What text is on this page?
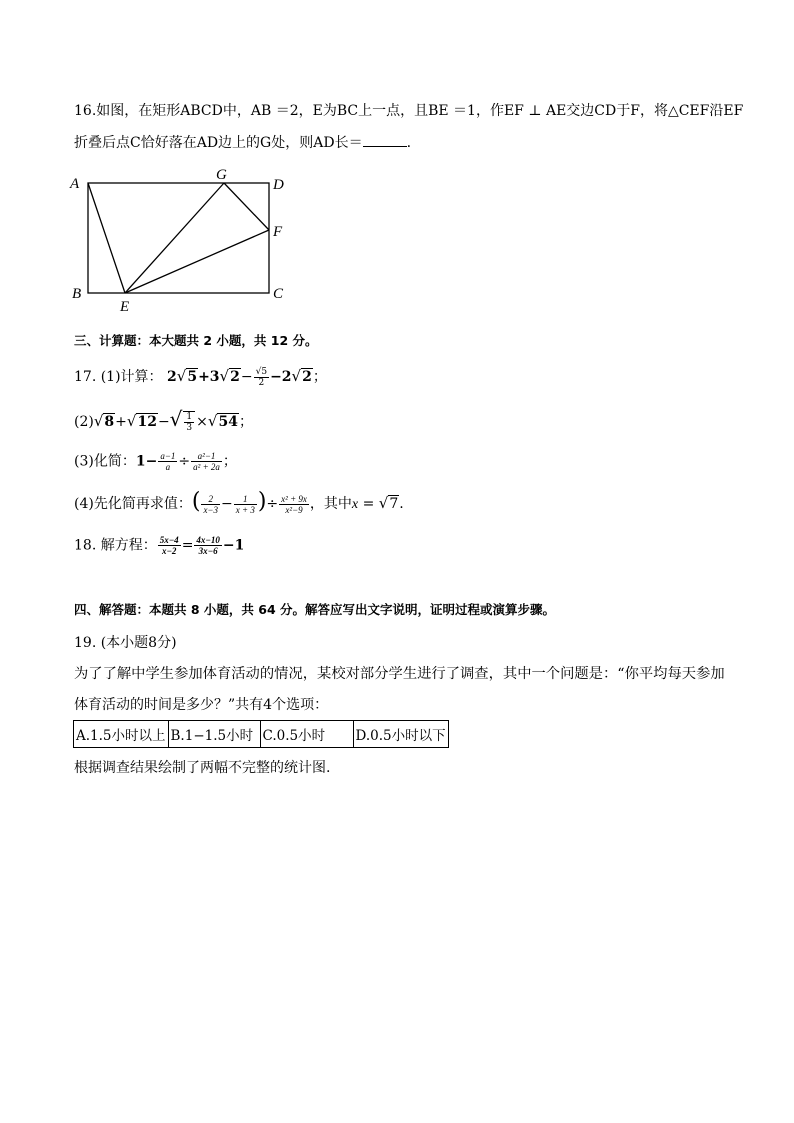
16.如图，在矩形ABCD中，AB ＝2，E为BC上一点，且BE ＝1，作EF ⊥ AE交边CD于F，将△CEF沿EF
折叠后点C恰好落在AD边上的G处，则AD长＝	.
A
G
D
F
B
E
C
三、计算题：本大题共 2 小题，共 12 分。
17. (1)计算： $2√5+3√2- \frac{√5}{2} -2√2$；
$(2)√8+√12-√ \frac{1}{3} \times√54$；
(3)化简：$1- \frac{a-1}{a} \div \frac{\text{a²−1}}{\text{a² + 2a}}$ ；
(4)先化简再求值：( $\frac{2}{x-3} - \frac{1}{x + 3}$ )÷ $\frac{\text{x² + 9x}}{\text{x²−9}}$ ，其中x = √7.
18. 解方程： $\frac{5x-4}{x-2} = \frac{4x-10}{3x-6} -1$
四、解答题：本题共 8 小题，共 64 分。解答应写出文字说明，证明过程或演算步骤。
19. (本小题8分)
为了了解中学生参加体育活动的情况，某校对部分学生进行了调查，其中一个问题是：“你平均每天参加
体育活动的时间是多少？”共有4个选项：
A.1.5小时以上	B.1−1.5小时	C.0.5小时	D.0.5小时以下
根据调查结果绘制了两幅不完整的统计图.
